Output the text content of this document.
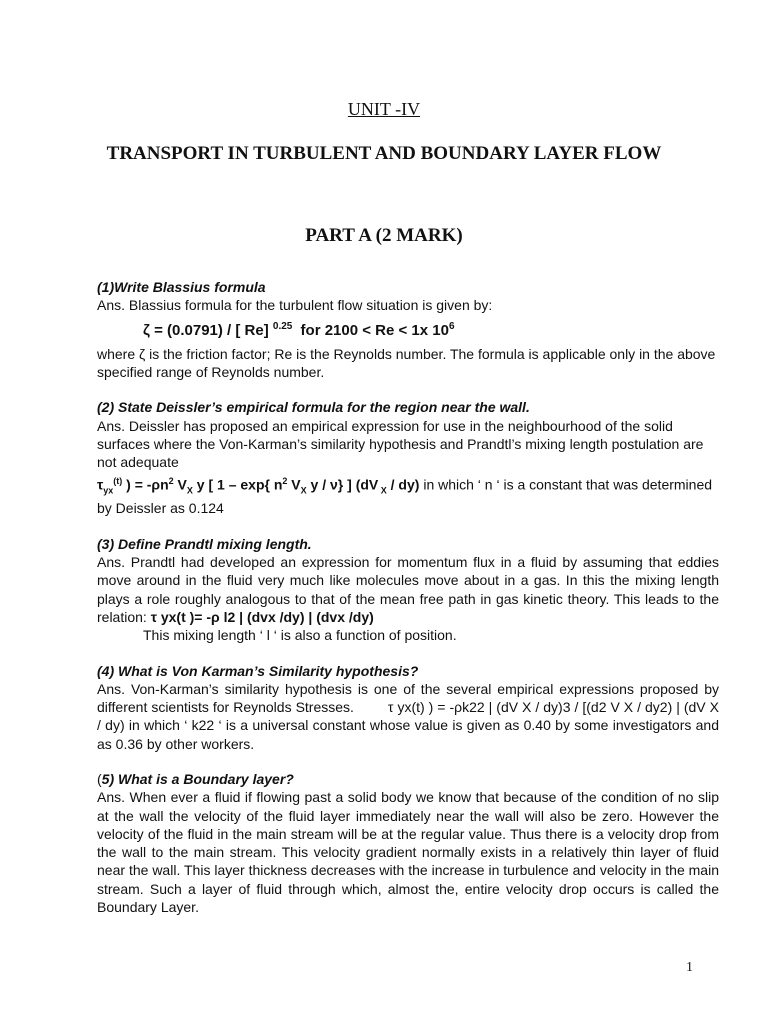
UNIT -IV
TRANSPORT IN TURBULENT AND BOUNDARY LAYER FLOW
PART A (2 MARK)

(1)Write Blassius formula

Ans. Blassius formula for the turbulent flow situation is given by:

ζ = (0.0791) / [ Re] $^{0.25}$ for 2100 < Re < 1x $10^6$

where ζ is the friction factor; Re is the Reynolds number. The formula is applicable only in the above specified range of Reynolds number.

(2) State Deissler’s empirical formula for the region near the wall.

Ans. Deissler has proposed an empirical expression for use in the neighbourhood of the solid surfaces where the Von-Karman’s similarity hypothesis and Prandtl’s mixing length postulation are not adequate

$\tau_{yx}^{(t)}$ ) = $-\rho n^2$ $V_X$ y [ 1 – exp{ $n^2$ $V_X$ y / ν} ] (dV $_X$ / dy) in which ‘ n ‘ is a constant that was determined by Deissler as 0.124

(3) Define Prandtl mixing length.

Ans. Prandtl had developed an expression for momentum flux in a fluid by assuming that eddies move around in the fluid very much like molecules move about in a gas. In this the mixing length plays a role roughly analogous to that of the mean free path in gas kinetic theory. This leads to the relation: τ yx(t )= -ρ l2 | (dvx /dy) | (dvx /dy)

This mixing length ‘ l ‘ is also a function of position.

(4) What is Von Karman’s Similarity hypothesis?

Ans. Von-Karman’s similarity hypothesis is one of the several empirical expressions proposed by different scientists for Reynolds Stresses. τ yx(t) ) = -ρk22 | (dV X / dy)3 / [(d2 V X / dy2) | (dV X / dy) in which ‘ k22 ‘ is a universal constant whose value is given as 0.40 by some investigators and as 0.36 by other workers.

(5) What is a Boundary layer?

Ans. When ever a fluid if flowing past a solid body we know that because of the condition of no slip at the wall the velocity of the fluid layer immediately near the wall will also be zero. However the velocity of the fluid in the main stream will be at the regular value. Thus there is a velocity drop from the wall to the main stream. This velocity gradient normally exists in a relatively thin layer of fluid near the wall. This layer thickness decreases with the increase in turbulence and velocity in the main stream. Such a layer of fluid through which, almost the, entire velocity drop occurs is called the Boundary Layer.

1
